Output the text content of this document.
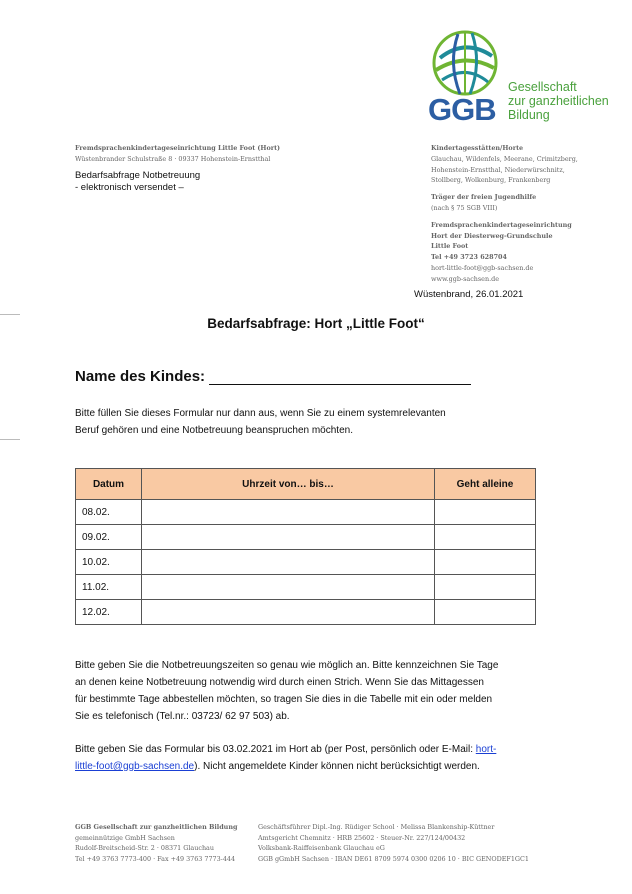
GGB
Gesellschaft
zur ganzheitlichen
Bildung
Fremdsprachenkindertageseinrichtung Little Foot (Hort)
Wüstenbrander Schulstraße 8 · 09337 Hohenstein-Ernstthal
Bedarfsabfrage Notbetreuung
- elektronisch versendet –
Kindertagesstätten/Horte
Glauchau, Wildenfels, Meerane, Crimitzberg,
Hohenstein-Ernstthal, Niederwürschnitz,
Stollberg, Wolkenburg, Frankenberg
Träger der freien Jugendhilfe
(nach § 75 SGB VIII)
Fremdsprachenkindertageseinrichtung
Hort der Diesterweg-Grundschule
Little Foot
Tel +49 3723 628704
hort-little-foot@ggb-sachsen.de
www.ggb-sachsen.de
Wüstenbrand, 26.01.2021
Bedarfsabfrage: Hort „Little Foot“
Name des Kindes:
Bitte füllen Sie dieses Formular nur dann aus, wenn Sie zu einem systemrelevanten
Beruf gehören und eine Notbetreuung beanspruchen möchten.
Datum	Uhrzeit von… bis…	Geht alleine
08.02.		
09.02.		
10.02.		
11.02.		
12.02.		
Bitte geben Sie die Notbetreuungszeiten so genau wie möglich an. Bitte kennzeichnen Sie Tage
an denen keine Notbetreuung notwendig wird durch einen Strich. Wenn Sie das Mittagessen
für bestimmte Tage abbestellen möchten, so tragen Sie dies in die Tabelle mit ein oder melden
Sie es telefonisch (Tel.nr.: 03723/ 62 97 503) ab.
Bitte geben Sie das Formular bis 03.02.2021 im Hort ab (per Post, persönlich oder E-Mail: hort-
little-foot@ggb-sachsen.de). Nicht angemeldete Kinder können nicht berücksichtigt werden.
GGB Gesellschaft zur ganzheitlichen Bildung
gemeinnützige GmbH Sachsen
Rudolf-Breitscheid-Str. 2 · 08371 Glauchau
Tel +49 3763 7773-400 · Fax +49 3763 7773-444
Geschäftsführer Dipl.-Ing. Rüdiger School · Melissa Blankenship-Küttner
Amtsgericht Chemnitz · HRB 25602 · Steuer-Nr. 227/124/00432
Volksbank-Raiffeisenbank Glauchau eG
GGB gGmbH Sachsen · IBAN DE61 8709 5974 0300 0206 10 · BIC GENODEF1GC1
